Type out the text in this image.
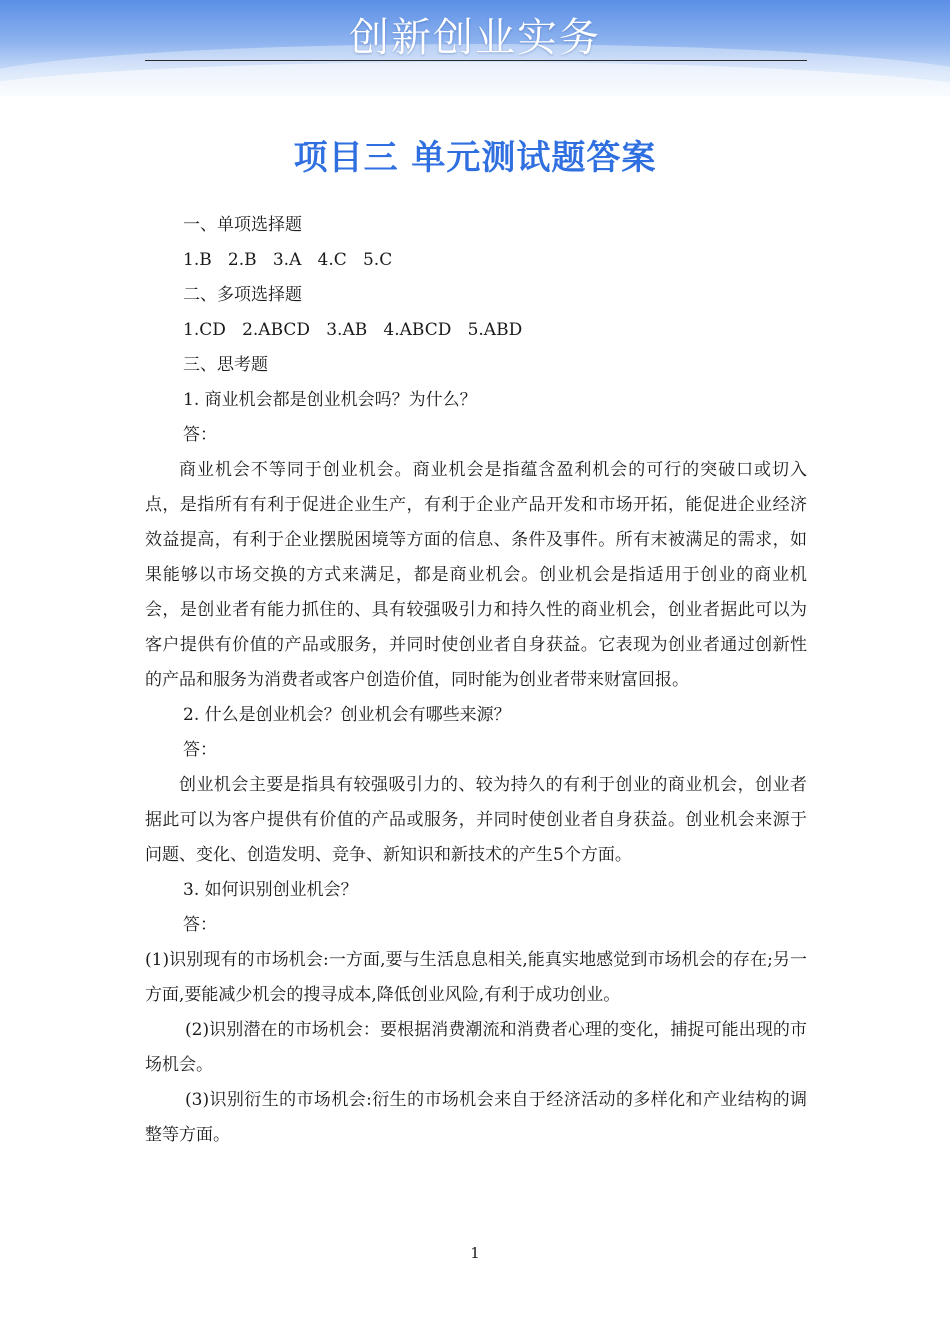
创新创业实务
项目三 单元测试题答案
一、单项选择题
1.B   2.B   3.A   4.C   5.C
二、多项选择题
1.CD   2.ABCD   3.AB   4.ABCD   5.ABD
三、思考题
1. 商业机会都是创业机会吗？为什么？
答：

商业机会不等同于创业机会。商业机会是指蕴含盈利机会的可行的突破口或切入点，是指所有有利于促进企业生产，有利于企业产品开发和市场开拓，能促进企业经济效益提高，有利于企业摆脱困境等方面的信息、条件及事件。所有末被满足的需求，如果能够以市场交换的方式来满足，都是商业机会。创业机会是指适用于创业的商业机会，是创业者有能力抓住的、具有较强吸引力和持久性的商业机会，创业者据此可以为客户提供有价值的产品或服务，并同时使创业者自身获益。它表现为创业者通过创新性的产品和服务为消费者或客户创造价值，同时能为创业者带来财富回报。

2. 什么是创业机会？创业机会有哪些来源？
答：

创业机会主要是指具有较强吸引力的、较为持久的有利于创业的商业机会，创业者据此可以为客户提供有价值的产品或服务，并同时使创业者自身获益。创业机会来源于问题、变化、创造发明、竞争、新知识和新技术的产生5个方面。

3. 如何识别创业机会？
答：

(1)识别现有的市场机会:一方面,要与生活息息相关,能真实地感觉到市场机会的存在;另一方面,要能减少机会的搜寻成本,降低创业风险,有利于成功创业。

(2)识别潜在的市场机会：要根据消费潮流和消费者心理的变化，捕捉可能出现的市场机会。

(3)识别衍生的市场机会:衍生的市场机会来自于经济活动的多样化和产业结构的调整等方面。

1
